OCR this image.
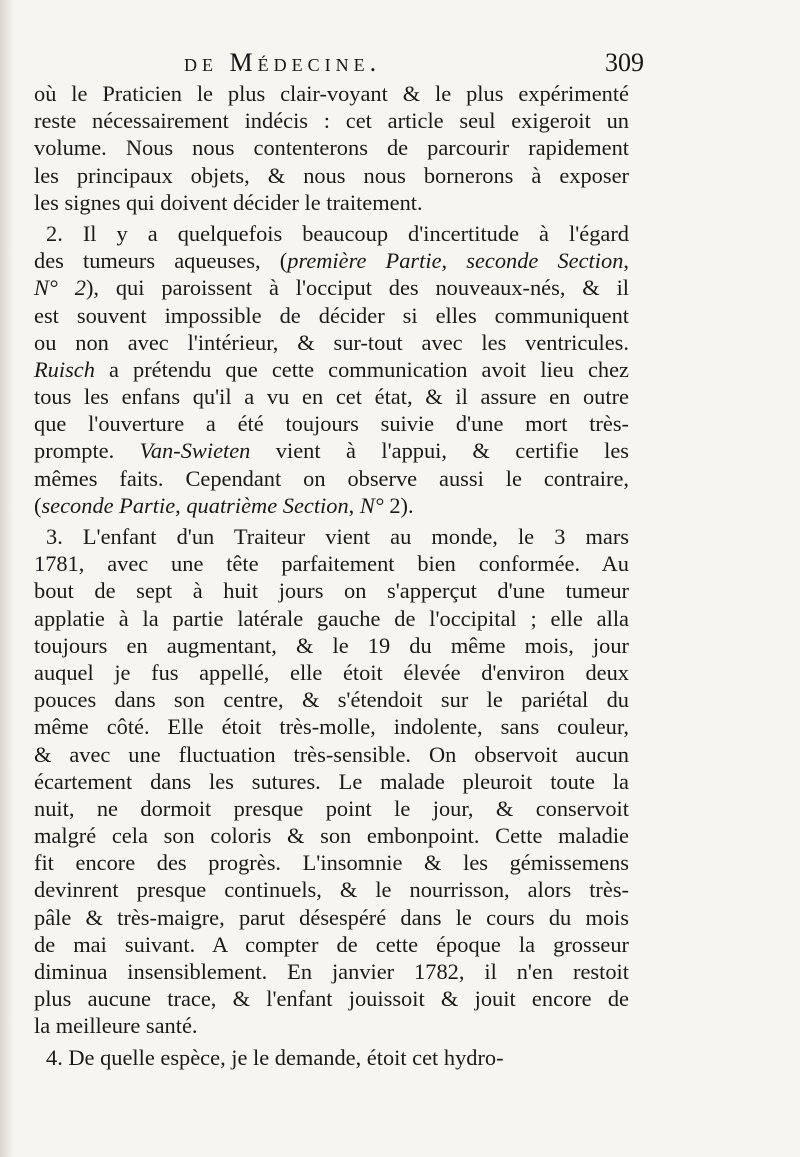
de Médecine.	309
où le Praticien le plus clair-voyant & le plus expérimenté
reste nécessairement indécis : cet article seul exigeroit un
volume. Nous nous contenterons de parcourir rapidement
les principaux objets, & nous nous bornerons à exposer
les signes qui doivent décider le traitement.
2. Il y a quelquefois beaucoup d'incertitude à l'égard
des tumeurs aqueuses, (première Partie, seconde Section,
N° 2), qui paroissent à l'occiput des nouveaux-nés, & il
est souvent impossible de décider si elles communiquent
ou non avec l'intérieur, & sur-tout avec les ventricules.
Ruisch a prétendu que cette communication avoit lieu chez
tous les enfans qu'il a vu en cet état, & il assure en outre
que l'ouverture a été toujours suivie d'une mort très-
prompte. Van-Swieten vient à l'appui, & certifie les
mêmes faits. Cependant on observe aussi le contraire,
(seconde Partie, quatrième Section, N° 2).
3. L'enfant d'un Traiteur vient au monde, le 3 mars
1781, avec une tête parfaitement bien conformée. Au
bout de sept à huit jours on s'apperçut d'une tumeur
applatie à la partie latérale gauche de l'occipital ; elle alla
toujours en augmentant, & le 19 du même mois, jour
auquel je fus appellé, elle étoit élevée d'environ deux
pouces dans son centre, & s'étendoit sur le pariétal du
même côté. Elle étoit très-molle, indolente, sans couleur,
& avec une fluctuation très-sensible. On observoit aucun
écartement dans les sutures. Le malade pleuroit toute la
nuit, ne dormoit presque point le jour, & conservoit
malgré cela son coloris & son embonpoint. Cette maladie
fit encore des progrès. L'insomnie & les gémissemens
devinrent presque continuels, & le nourrisson, alors très-
pâle & très-maigre, parut désespéré dans le cours du mois
de mai suivant. A compter de cette époque la grosseur
diminua insensiblement. En janvier 1782, il n'en restoit
plus aucune trace, & l'enfant jouissoit & jouit encore de
la meilleure santé.
4. De quelle espèce, je le demande, étoit cet hydro-
